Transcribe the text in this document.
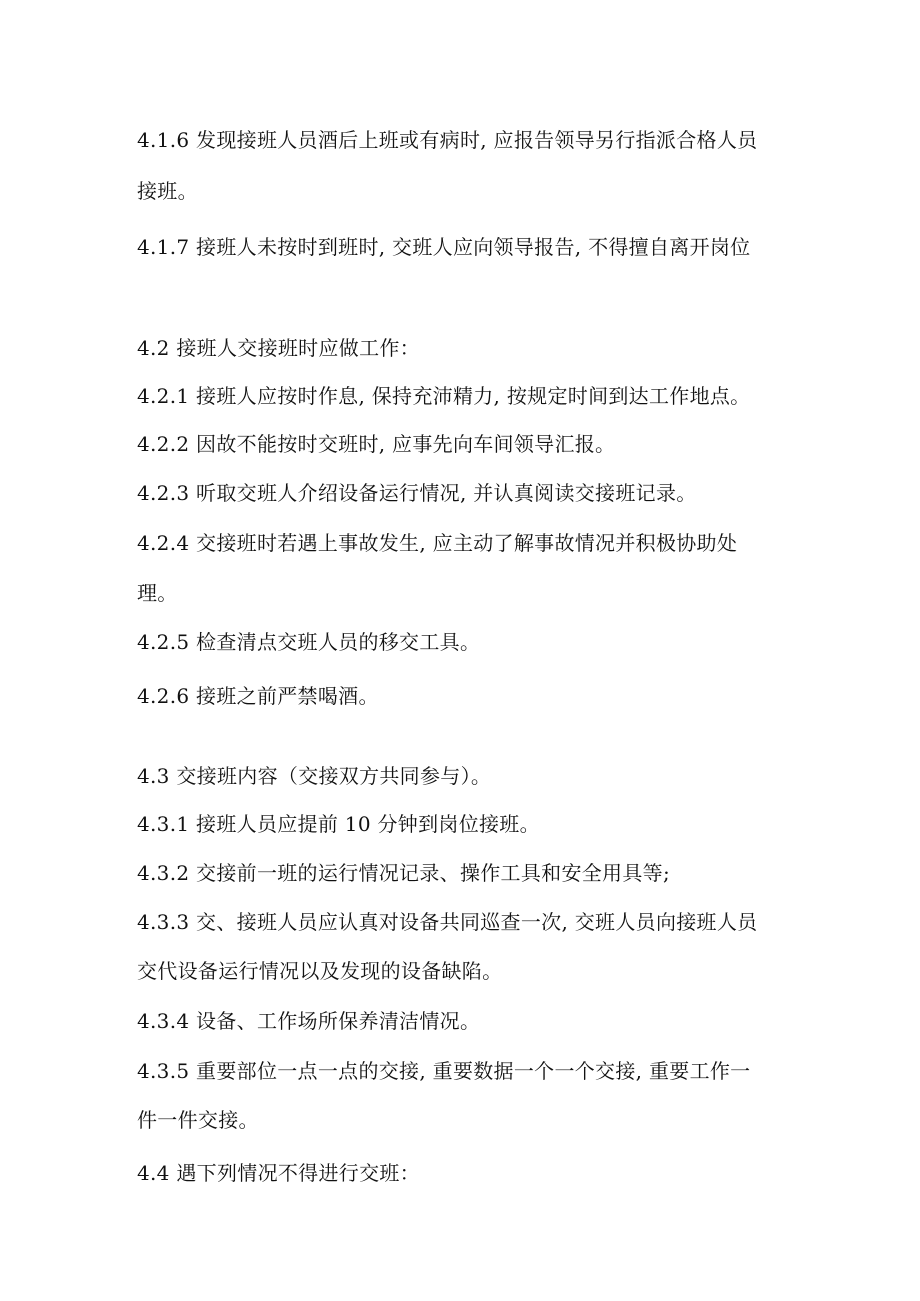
4.1.6 发现接班人员酒后上班或有病时, 应报告领导另行指派合格人员
接班。
4.1.7 接班人未按时到班时, 交班人应向领导报告, 不得擅自离开岗位
4.2 接班人交接班时应做工作：
4.2.1 接班人应按时作息, 保持充沛精力, 按规定时间到达工作地点。
4.2.2 因故不能按时交班时, 应事先向车间领导汇报。
4.2.3 听取交班人介绍设备运行情况, 并认真阅读交接班记录。
4.2.4 交接班时若遇上事故发生, 应主动了解事故情况并积极协助处
理。
4.2.5 检查清点交班人员的移交工具。
4.2.6 接班之前严禁喝酒。
4.3 交接班内容（交接双方共同参与）。
4.3.1 接班人员应提前 10 分钟到岗位接班。
4.3.2 交接前一班的运行情况记录、操作工具和安全用具等;
4.3.3 交、接班人员应认真对设备共同巡查一次, 交班人员向接班人员
交代设备运行情况以及发现的设备缺陷。
4.3.4 设备、工作场所保养清洁情况。
4.3.5 重要部位一点一点的交接, 重要数据一个一个交接, 重要工作一
件一件交接。
4.4 遇下列情况不得进行交班：
